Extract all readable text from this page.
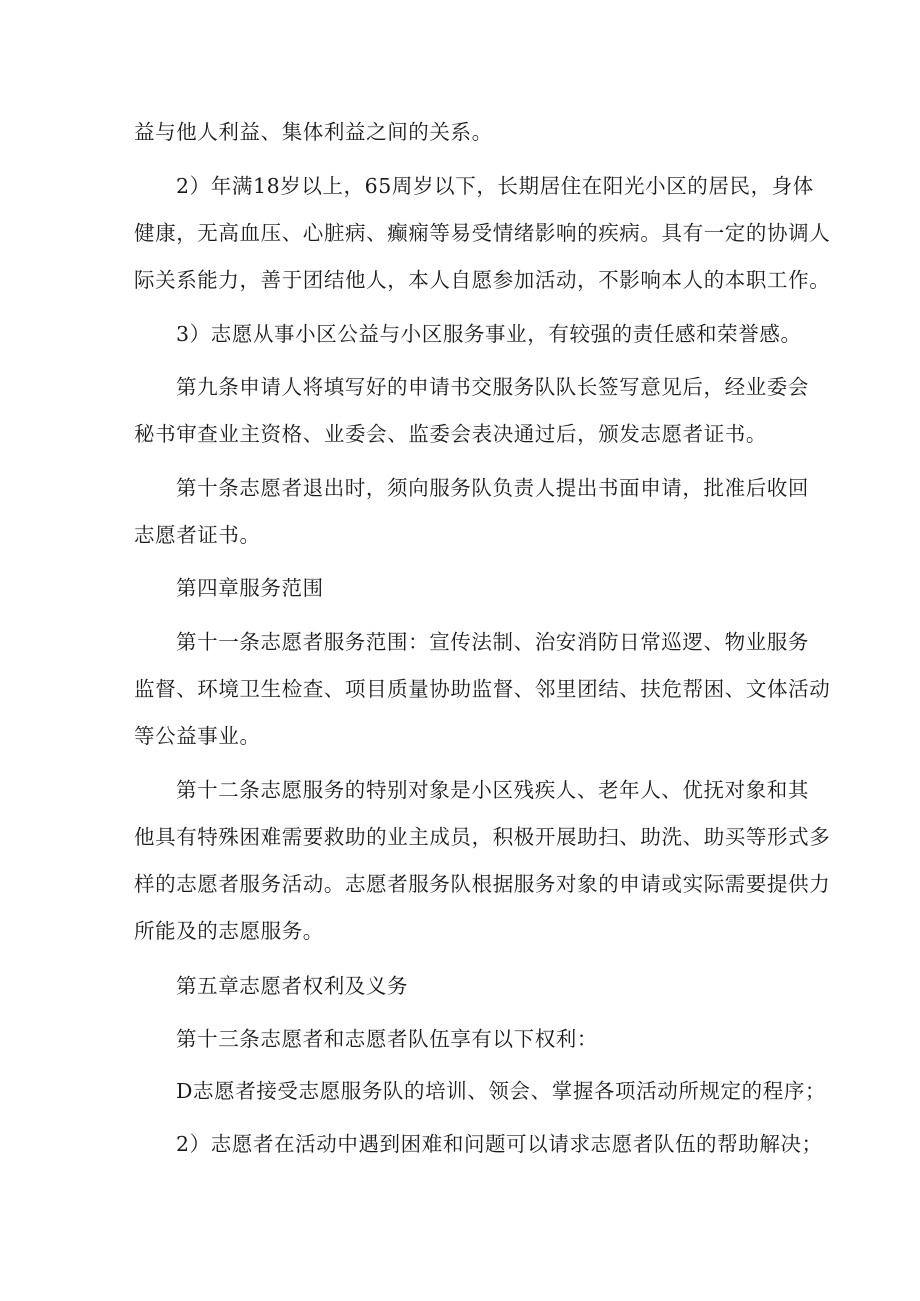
益与他人利益、集体利益之间的关系。
2）年满18岁以上，65周岁以下，长期居住在阳光小区的居民，身体
健康，无高血压、心脏病、癫痫等易受情绪影响的疾病。具有一定的协调人
际关系能力，善于团结他人，本人自愿参加活动，不影响本人的本职工作。
3）志愿从事小区公益与小区服务事业，有较强的责任感和荣誉感。
第九条申请人将填写好的申请书交服务队队长签写意见后，经业委会
秘书审查业主资格、业委会、监委会表决通过后，颁发志愿者证书。
第十条志愿者退出时，须向服务队负责人提出书面申请，批准后收回
志愿者证书。
第四章服务范围
第十一条志愿者服务范围：宣传法制、治安消防日常巡逻、物业服务
监督、环境卫生检查、项目质量协助监督、邻里团结、扶危帮困、文体活动
等公益事业。
第十二条志愿服务的特别对象是小区残疾人、老年人、优抚对象和其
他具有特殊困难需要救助的业主成员，积极开展助扫、助洗、助买等形式多
样的志愿者服务活动。志愿者服务队根据服务对象的申请或实际需要提供力
所能及的志愿服务。
第五章志愿者权利及义务
第十三条志愿者和志愿者队伍享有以下权利：
D志愿者接受志愿服务队的培训、领会、掌握各项活动所规定的程序；
2）志愿者在活动中遇到困难和问题可以请求志愿者队伍的帮助解决；
